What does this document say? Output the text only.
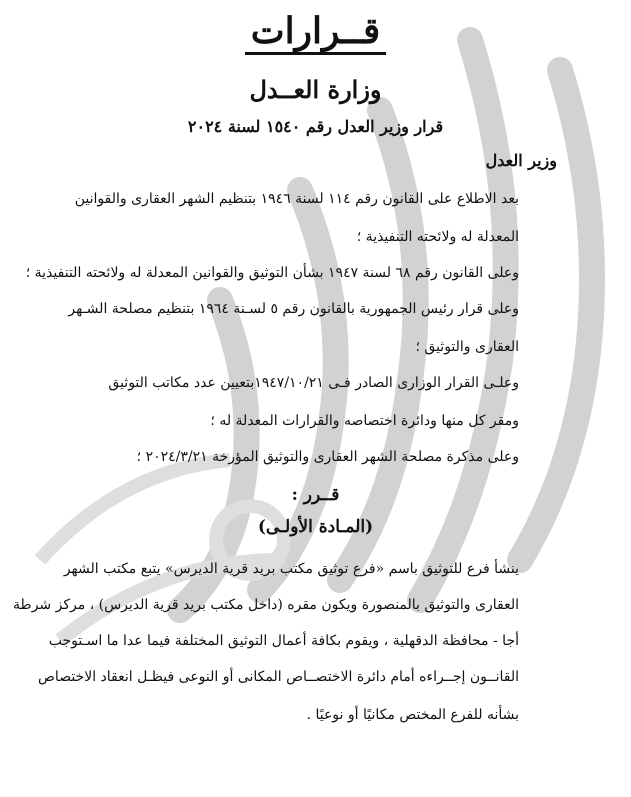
قــرارات
وزارة العــدل
قرار وزير العدل رقم ١٥٤٠ لسنة ٢٠٢٤
وزير العدل
بعد الاطلاع على القانون رقم ١١٤ لسنة ١٩٤٦ بتنظيم الشهر العقارى والقوانين
المعدلة له ولائحته التنفيذية ؛
وعلى القانون رقم ٦٨ لسنة ١٩٤٧ بشأن التوثيق والقوانين المعدلة له ولائحته التنفيذية ؛
وعلى قرار رئيس الجمهورية بالقانون رقم ٥ لسـنة ١٩٦٤ بتنظيم مصلحة الشـهر
العقارى والتوثيق ؛
وعلـى القرار الوزارى الصادر فـى ١٩٤٧/١٠/٢١بتعيين عدد مكاتب التوثيق
ومقر كل منها ودائرة اختصاصه والقرارات المعدلة له ؛
وعلى مذكرة مصلحة الشهر العقارى والتوثيق المؤرخة ٢٠٢٤/٣/٢١ ؛
قــرر :
(المـادة الأولـى)
ينشأ فرع للتوثيق باسم «فرع توثيق مكتب بريد قرية الديرس» يتبع مكتب الشهر
العقارى والتوثيق بالمنصورة ويكون مقره (داخل مكتب بريد قرية الديرس) ، مركز شرطة
أجا - محافظة الدقهلية ، ويقوم بكافة أعمال التوثيق المختلفة فيما عدا ما اسـتوجب
القانــون إجــراءه أمام دائرة الاختصــاص المكانى أو النوعى فيظـل انعقاد الاختصاص
بشأنه للفرع المختص مكانيًا أو نوعيًا .
